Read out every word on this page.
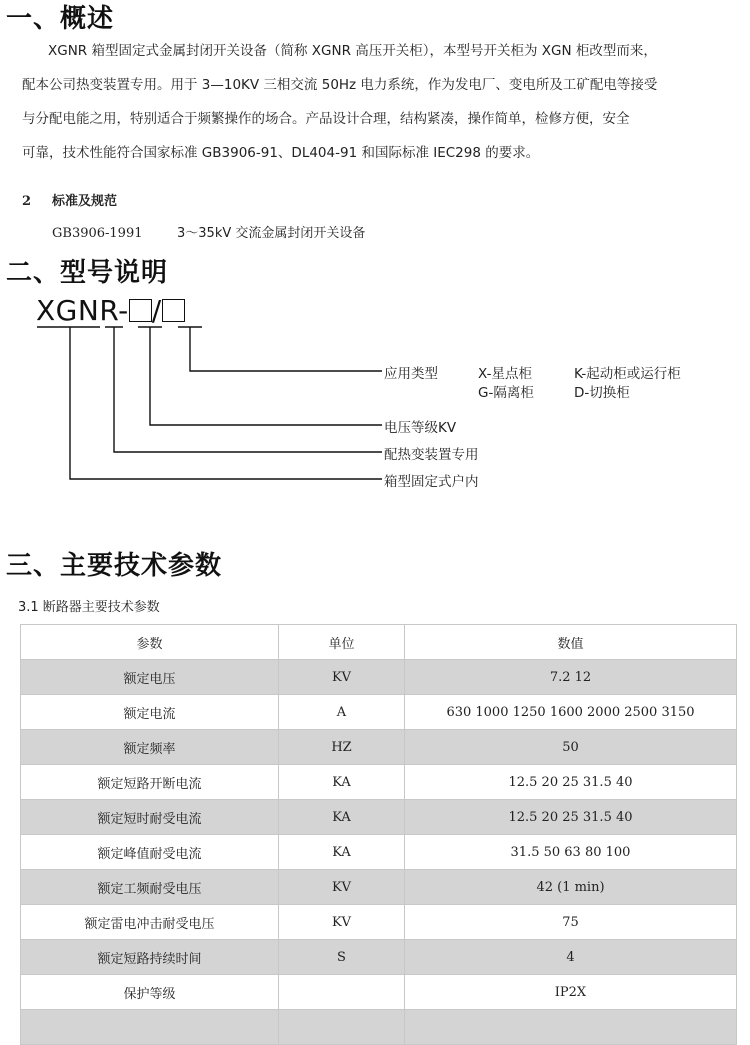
一、概述
XGNR 箱型固定式金属封闭开关设备（简称 XGNR 高压开关柜），本型号开关柜为 XGN 柜改型而来，
配本公司热变装置专用。用于 3—10KV 三相交流 50Hz 电力系统，作为发电厂、变电所及工矿配电等接受
与分配电能之用，特别适合于频繁操作的场合。产品设计合理，结构紧凑，操作简单，检修方便，安全
可靠，技术性能符合国家标准 GB3906-91、DL404-91 和国际标准 IEC298 的要求。
2 标准及规范
GB3906-1991	3～35kV 交流金属封闭开关设备
二、型号说明
XGNR- /
应用类型	X-星点柜	K-起动柜或运行柜
G-隔离柜	D-切换柜
电压等级KV
配热变装置专用
箱型固定式户内
三、主要技术参数
3.1 断路器主要技术参数
参数	单位	数值
额定电压	KV	7.2 12
额定电流	A	630 1000 1250 1600 2000 2500 3150
额定频率	HZ	50
额定短路开断电流	KA	12.5 20 25 31.5 40
额定短时耐受电流	KA	12.5 20 25 31.5 40
额定峰值耐受电流	KA	31.5 50 63 80 100
额定工频耐受电压	KV	42 (1 min)
额定雷电冲击耐受电压	KV	75
额定短路持续时间	S	4
保护等级		IP2X
